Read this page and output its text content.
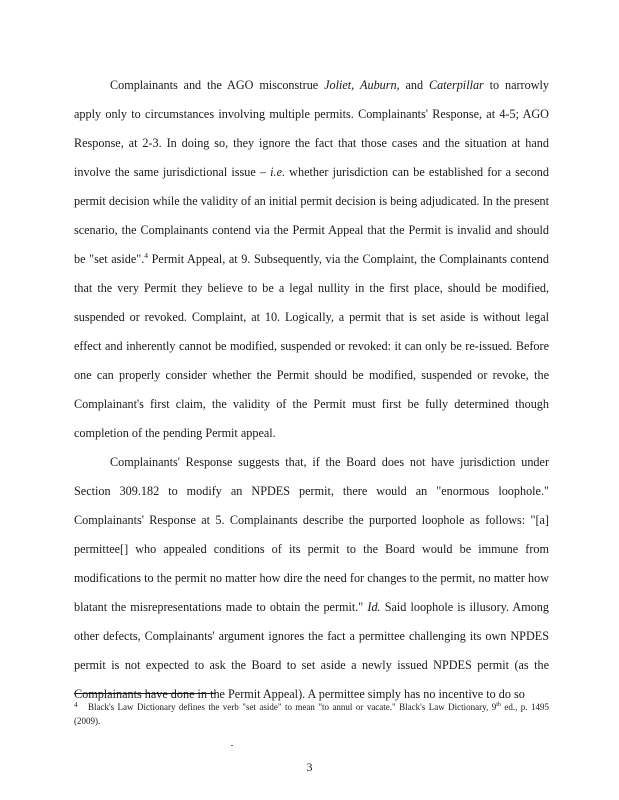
Complainants and the AGO misconstrue Joliet, Auburn, and Caterpillar to narrowly apply only to circumstances involving multiple permits. Complainants' Response, at 4-5; AGO Response, at 2-3. In doing so, they ignore the fact that those cases and the situation at hand involve the same jurisdictional issue – i.e. whether jurisdiction can be established for a second permit decision while the validity of an initial permit decision is being adjudicated. In the present scenario, the Complainants contend via the Permit Appeal that the Permit is invalid and should be "set aside".$^4$ Permit Appeal, at 9. Subsequently, via the Complaint, the Complainants contend that the very Permit they believe to be a legal nullity in the first place, should be modified, suspended or revoked. Complaint, at 10. Logically, a permit that is set aside is without legal effect and inherently cannot be modified, suspended or revoked: it can only be re-issued. Before one can properly consider whether the Permit should be modified, suspended or revoke, the Complainant's first claim, the validity of the Permit must first be fully determined though completion of the pending Permit appeal.

Complainants' Response suggests that, if the Board does not have jurisdiction under Section 309.182 to modify an NPDES permit, there would an "enormous loophole." Complainants' Response at 5. Complainants describe the purported loophole as follows: "[a] permittee[] who appealed conditions of its permit to the Board would be immune from modifications to the permit no matter how dire the need for changes to the permit, no matter how blatant the misrepresentations made to obtain the permit." Id. Said loophole is illusory. Among other defects, Complainants' argument ignores the fact a permittee challenging its own NPDES permit is not expected to ask the Board to set aside a newly issued NPDES permit (as the Complainants have done in the Permit Appeal). A permittee simply has no incentive to do so

4 Black's Law Dictionary defines the verb "set aside" to mean "to annul or vacate." Black's Law Dictionary, 9th ed., p. 1495 (2009).
3
